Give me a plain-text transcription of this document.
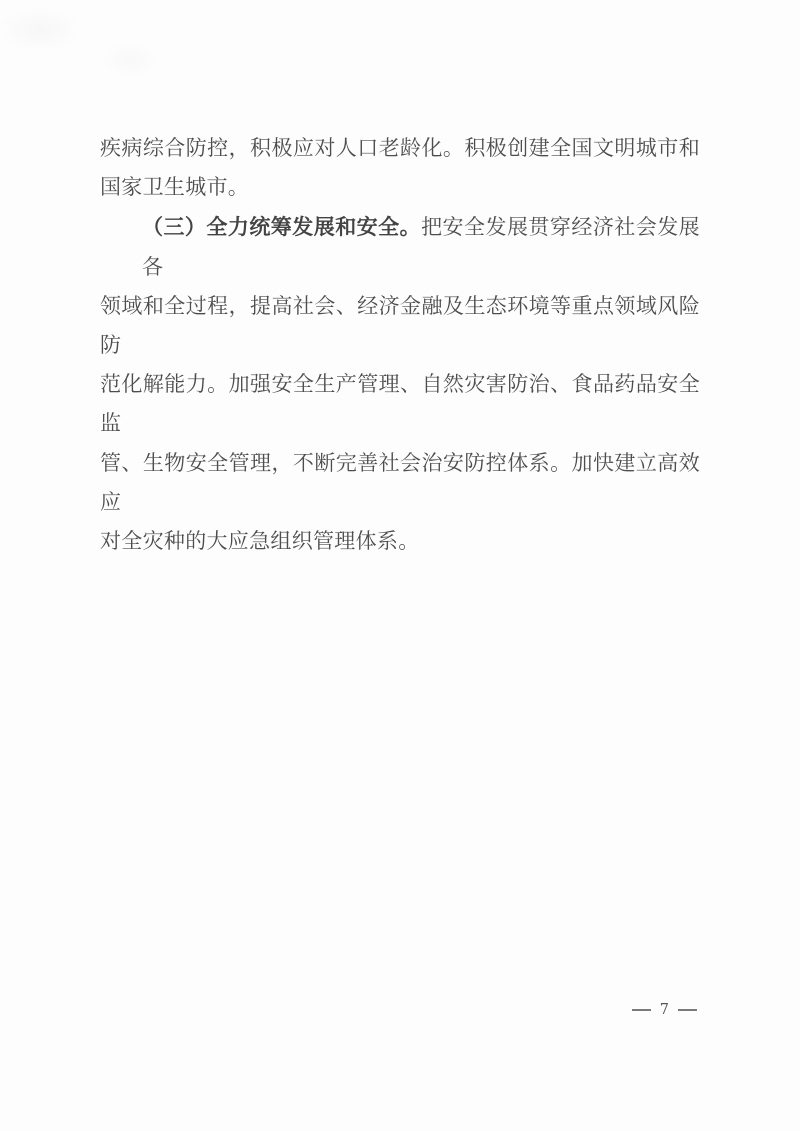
疾病综合防控，积极应对人口老龄化。积极创建全国文明城市和
国家卫生城市。
（三）全力统筹发展和安全。把安全发展贯穿经济社会发展各
领域和全过程，提高社会、经济金融及生态环境等重点领域风险防
范化解能力。加强安全生产管理、自然灾害防治、食品药品安全监
管、生物安全管理，不断完善社会治安防控体系。加快建立高效应
对全灾种的大应急组织管理体系。
7
